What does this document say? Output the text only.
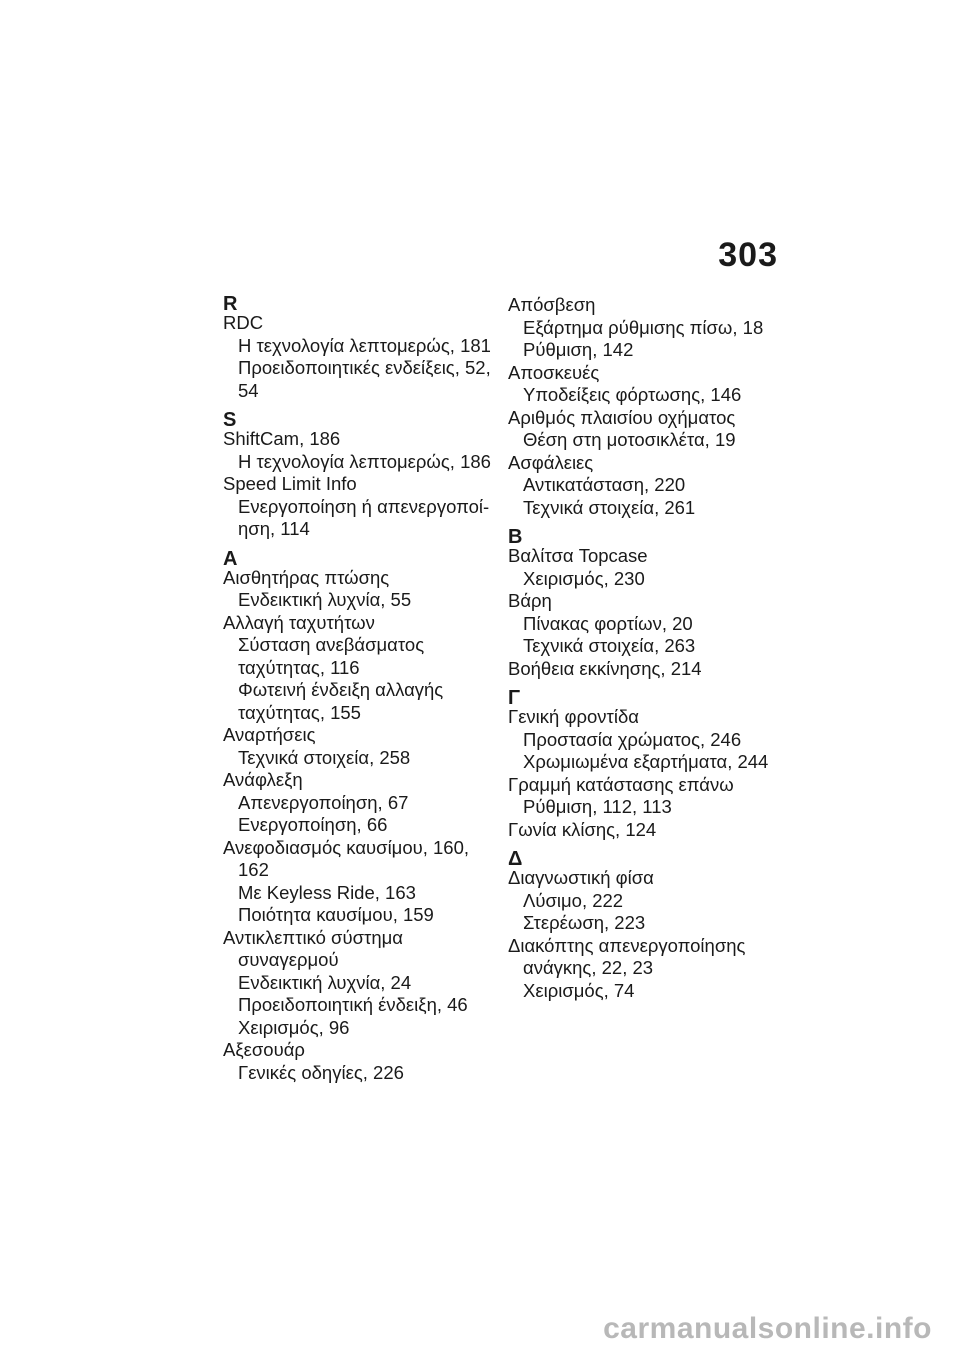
303
R
RDC
Η τεχνολογία λεπτομερώς, 181
Προειδοποιητικές ενδείξεις, 52,
54
S
ShiftCam, 186
Η τεχνολογία λεπτομερώς, 186
Speed Limit Info
Ενεργοποίηση ή απενεργοποί-
ηση, 114
A
Αισθητήρας πτώσης
Ενδεικτική λυχνία, 55
Αλλαγή ταχυτήτων
Σύσταση ανεβάσματος
ταχύτητας, 116
Φωτεινή ένδειξη αλλαγής
ταχύτητας, 155
Αναρτήσεις
Τεχνικά στοιχεία, 258
Ανάφλεξη
Απενεργοποίηση, 67
Ενεργοποίηση, 66
Ανεφοδιασμός καυσίμου, 160,
162
Με Keyless Ride, 163
Ποιότητα καυσίμου, 159
Αντικλεπτικό σύστημα
συναγερμού
Ενδεικτική λυχνία, 24
Προειδοποιητική ένδειξη, 46
Χειρισμός, 96
Αξεσουάρ
Γενικές οδηγίες, 226
Απόσβεση
Εξάρτημα ρύθμισης πίσω, 18
Ρύθμιση, 142
Αποσκευές
Υποδείξεις φόρτωσης, 146
Αριθμός πλαισίου οχήματος
Θέση στη μοτοσικλέτα, 19
Ασφάλειες
Αντικατάσταση, 220
Τεχνικά στοιχεία, 261
B
Βαλίτσα Topcase
Χειρισμός, 230
Βάρη
Πίνακας φορτίων, 20
Τεχνικά στοιχεία, 263
Βοήθεια εκκίνησης, 214
Γ
Γενική φροντίδα
Προστασία χρώματος, 246
Χρωμιωμένα εξαρτήματα, 244
Γραμμή κατάστασης επάνω
Ρύθμιση, 112, 113
Γωνία κλίσης, 124
Δ
Διαγνωστική φίσα
Λύσιμο, 222
Στερέωση, 223
Διακόπτης απενεργοποίησης
ανάγκης, 22, 23
Χειρισμός, 74
carmanualsonline.info
